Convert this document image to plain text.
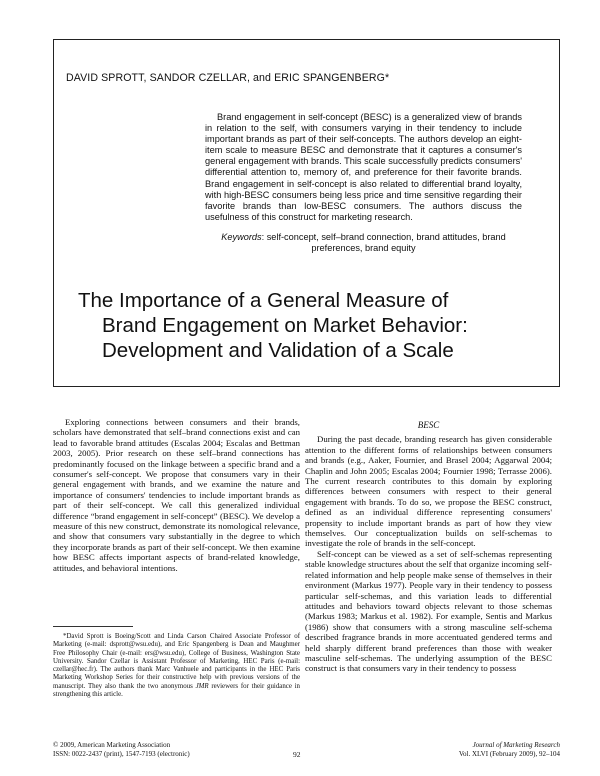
DAVID SPROTT, SANDOR CZELLAR, and ERIC SPANGENBERG*

Brand engagement in self-concept (BESC) is a generalized view of brands in relation to the self, with consumers varying in their tendency to include important brands as part of their self-concepts. The authors develop an eight-item scale to measure BESC and demonstrate that it captures a consumer's general engagement with brands. This scale successfully predicts consumers' differential attention to, memory of, and preference for their favorite brands. Brand engagement in self-concept is also related to differential brand loyalty, with high-BESC consumers being less price and time sensitive regarding their favorite brands than low-BESC consumers. The authors discuss the usefulness of this construct for marketing research.

Keywords: self-concept, self–brand connection, brand attitudes, brand preferences, brand equity

The Importance of a General Measure of
Brand Engagement on Market Behavior:
Development and Validation of a Scale

Exploring connections between consumers and their brands, scholars have demonstrated that self–brand connections exist and can lead to favorable brand attitudes (Escalas 2004; Escalas and Bettman 2003, 2005). Prior research on these self–brand connections has predominantly focused on the linkage between a specific brand and a consumer's self-concept. We propose that consumers vary in their general engagement with brands, and we examine the nature and importance of consumers' tendencies to include important brands as part of their self-concept. We call this generalized individual difference “brand engagement in self-concept” (BESC). We develop a measure of this new construct, demonstrate its nomological relevance, and show that consumers vary substantially in the degree to which they incorporate brands as part of their self-concept. We then examine how BESC affects important aspects of brand-related knowledge, attitudes, and behavioral intentions.

*David Sprott is Boeing/Scott and Linda Carson Chaired Associate Professor of Marketing (e-mail: dsprott@wsu.edu), and Eric Spangenberg is Dean and Maughmer Free Philosophy Chair (e-mail: ers@wsu.edu), College of Business, Washington State University. Sandor Czellar is Assistant Professor of Marketing, HEC Paris (e-mail: czellar@hec.fr). The authors thank Marc Vanhuele and participants in the HEC Paris Marketing Workshop Series for their constructive help with previous versions of the manuscript. They also thank the two anonymous JMR reviewers for their guidance in strengthening this article.

BESC

During the past decade, branding research has given considerable attention to the different forms of relationships between consumers and brands (e.g., Aaker, Fournier, and Brasel 2004; Aggarwal 2004; Chaplin and John 2005; Escalas 2004; Fournier 1998; Terrasse 2006). The current research contributes to this domain by exploring differences between consumers with respect to their general engagement with brands. To do so, we propose the BESC construct, defined as an individual difference representing consumers' propensity to include important brands as part of how they view themselves. Our conceptualization builds on self-schemas to investigate the role of brands in the self-concept.

Self-concept can be viewed as a set of self-schemas representing stable knowledge structures about the self that organize incoming self-related information and help people make sense of themselves in their environment (Markus 1977). People vary in their tendency to possess particular self-schemas, and this variation leads to differential attitudes and behaviors toward objects relevant to those schemas (Markus 1983; Markus et al. 1982). For example, Sentis and Markus (1986) show that consumers with a strong masculine self-schema described fragrance brands in more accentuated gendered terms and held sharply different brand preferences than those with weaker masculine self-schemas. The underlying assumption of the BESC construct is that consumers vary in their tendency to possess

© 2009, American Marketing Association
ISSN: 0022-2437 (print), 1547-7193 (electronic)	92
Journal of Marketing Research
Vol. XLVI (February 2009), 92–104
